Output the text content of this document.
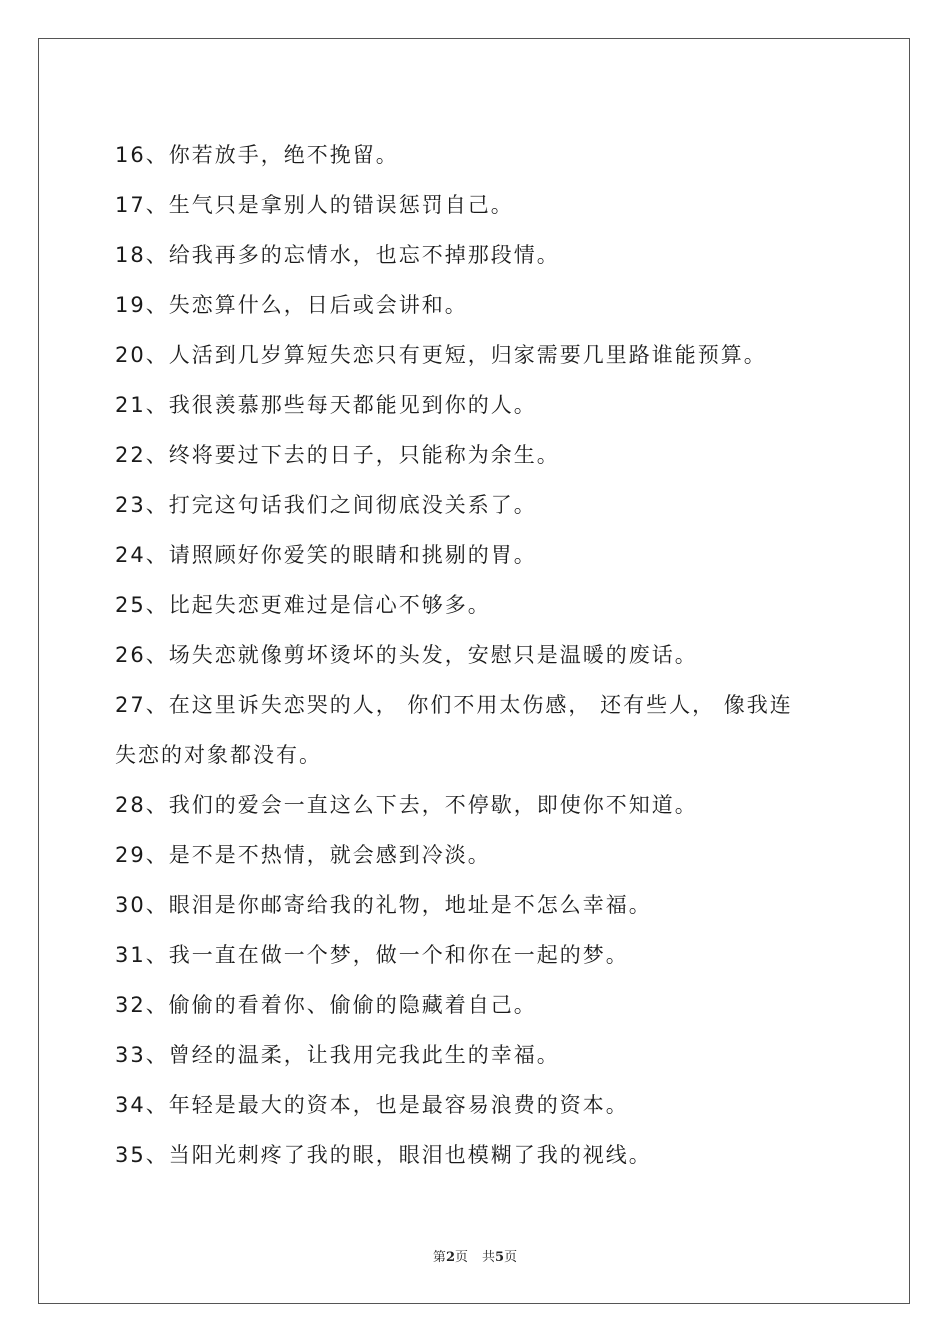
16、你若放手，绝不挽留。
17、生气只是拿别人的错误惩罚自己。
18、给我再多的忘情水，也忘不掉那段情。
19、失恋算什么，日后或会讲和。
20、人活到几岁算短失恋只有更短，归家需要几里路谁能预算。
21、我很羡慕那些每天都能见到你的人。
22、终将要过下去的日子，只能称为余生。
23、打完这句话我们之间彻底没关系了。
24、请照顾好你爱笑的眼睛和挑剔的胃。
25、比起失恋更难过是信心不够多。
26、场失恋就像剪坏烫坏的头发，安慰只是温暖的废话。
27、在这里诉失恋哭的人， 你们不用太伤感， 还有些人， 像我连
失恋的对象都没有。
28、我们的爱会一直这么下去，不停歇，即使你不知道。
29、是不是不热情，就会感到冷淡。
30、眼泪是你邮寄给我的礼物，地址是不怎么幸福。
31、我一直在做一个梦，做一个和你在一起的梦。
32、偷偷的看着你、偷偷的隐藏着自己。
33、曾经的温柔，让我用完我此生的幸福。
34、年轻是最大的资本，也是最容易浪费的资本。
35、当阳光刺疼了我的眼，眼泪也模糊了我的视线。
第2页 共5页
